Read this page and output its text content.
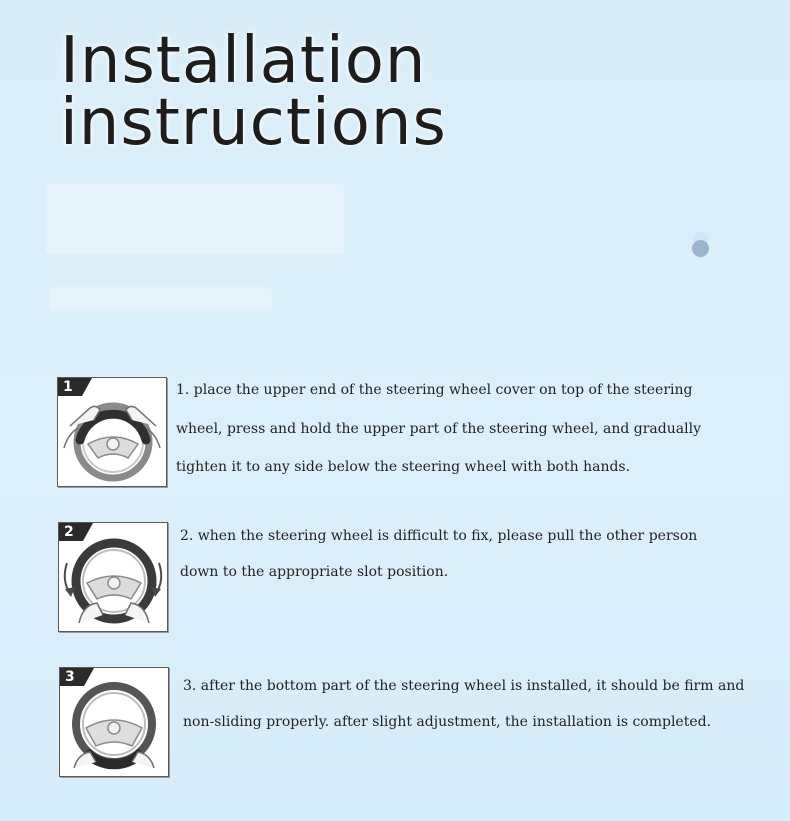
Installation
instructions
1	1. place the upper end of the steering wheel cover on top of the steering
wheel, press and hold the upper part of the steering wheel, and gradually
tighten it to any side below the steering wheel with both hands.
2	2. when the steering wheel is difficult to fix, please pull the other person
down to the appropriate slot position.
3
3. after the bottom part of the steering wheel is installed, it should be firm and
non-sliding properly. after slight adjustment, the installation is completed.
